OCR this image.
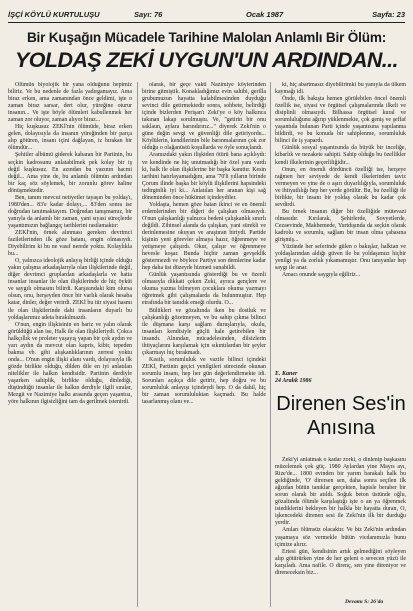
İŞÇİ KÖYLÜ KURTULUŞU	Sayı: 76	Ocak 1987	Sayfa: 23
Bir Kuşağın Mücadele Tarihine Malolan Anlamlı Bir Ölüm:
YOLDAŞ ZEKİ UYGUN'UN ARDINDAN...

Ölümün biyolojik bir yana olduğunu hepimiz biliriz. Ve bu nedenle de fazla yadırgamayız. Ama biraz erken, ama zamanından önce geldimi, işte o zaman biraz sarsar, dert olur, yüreğine oturur insanın... Ve işte böyle ölümleri kabullenmek her zaman zor oluyor, zaman alıyor biraz...

Hiç kuşkusuz ZEKİ'nin ölümüde, biraz erken gelen, dolayısıyla da insanın yüreğinden bir parça alıp götüren, insanı içini dağlayan, iz bırakan bir ölümdür...

Şehitler albümü giderek kabaran bir Partinin, bu seçkin kadrosunu anlatabilmek pek kolay bir iş değil kuşkusuz. En azından bu yazının hacmi değil... Ama yine de, bu anlamlı ölümün ardından bir kaç söz söylemek, bir zorunlu görev haline dönüşmektedir.

Ben, tanım mevcut netiyetler tayaşın bu yoldaş'ı, 1980'den... 83'e kadar dolayı,... 83'den sonra ise doğrudan tanıtmaktayım. Doğrudan tanışmamız, bir yanıyla da anlamlı bir zaman, yani sıyasi süreçlerde yaşantımızın bağlangıç tarihlerini rastlamaktır:

ZEKİ'nin, örnek alınması gereken devrimci faziletlerinden ilk göze batanı, engin olmasıydı. Diyebilirim ki bu ne vasıf nerede yoktu. Kolaylıkla bu...

O, yalnızca ideolojik anlayış birliği içinde olduğu yakın çalışma arkadaşlarıyla olan ilişkilerinde değil, diğer devrimci gruplardan arkadaşlarla ve hatta insanlar insanlar ile olan ilişkilerinde de hiç öyküt ve saygılı olmasını bilirdi. Karşısındaki kim olursa olsun, onu, herşeyden önce bir varlık olarak hesaba katar, dinler, değer verirdi. ZEKİ bu tür siyasi hasmı ile olan ilişkilerinde dahi insanların duyarlı bu yoldaşlarımız adeta bırakılmazdı.

O'nun, engin ilişkisinin en bariz ve yalın olarak görüldüğü alan ise, Halk ile olan ilişkileriydi. Çokca halkçıllık ve proleter yaşayış yapan bir çok aydın ve yarı aydın da mevcut olan kapris, kibir, tepeden bakma vb. gibi alışkanlıklarının zerresi yoktu onda... O'nun engin ilişki alanı vardı, dolayısıyla ilk gözde birlikte olduğu, dilden dile en iyi anlatılan nitelikler ile halkın kendisidir. Partinin derdiyle yaşarken sahiplik, birlikte olduğu, dinlediği, düşündüğü insanlar ile halkın derdiyle ilgili sıralar, Mezgit ve Nazimiye halkı arasında geçen yaşantısı, yöre halkının ilgisizliğini tam da gerilmek istenirdi.

olarak, bir geçe vakti Nazimiye köylerinden birine gitmiştik. Konakladığımız evin sahibi, gerilla grubumuzun hayatta kalabilmesinden duyduğu sevinci dile getirmektedir sonra, sohbete, belirdiği içinde bizlerden Perişan'ı Zeki'ye o köy halkınca takınan lakap sorulmuştu. Ve, "getirin bir onu saklaun, aylara barındırırız..." diyerek Zeki'nin o güne değin sevgi ve güvenliği dile getiriyordu... Köylülerin, kendilerinin bile barınmalarının çok zor olduğu o olağanüstü koşullarda ve öyle sonuçlandı.

Aramızdaki yakın ilişkiden ötürü bana açıklıydı: ve kendinde ne hiç unutmadığı bir özel yanı vardı ki, halk ile olan ilişkilerine bir başka kanıttır. Kesin tarihini hatırlayamadığım, ama '70'li yılların birinde Çorum ilinde başka bir köylü ilişkilerini hapsindeki tedirginlik iyi ki... Anlatılan her aranan kişi sağ döneminden önce hükümet içindeydiler.

Yoldaşta, hemen göze batan ikinci ve en önemli erdemlerinden bir diğeri de çalışkan olmasıydı. O'nun çalışkanlığı yalnızca bedeni çalışkanlık sınırlı değildi. Zihinsel alanda da çalışkan, yani sürekli ve derinlemesine okuyan ve araştıran biriydi. Partide kişinin yeni görevler almaya hazır, öğrenmeye ve yetişmeye çalışırdı. Okur, çalışır ve öğrenmeye hevesle koşar. Bunda hiçbir zaman gevşeklik göstermezdi ve böylece Partiye son demlerine kadar hep daha üst düzeyde hizmeti sunabildi.

Günlük yaşantısında gösterdiği bu ve özenli olmasıyla dikkati çeken Zeki, ayrıca gençlere ve okuma yazma bilmeyen çocuklara okuma yazmayı öğretmek gibi çalışmalarda da bulunmuştur. Hep etrafında bir tanıdık emeği olurdu. O...

Bülükleri ve gözaltında iken bu dostluk ve çalışkanlığı gözetmeyen, ve bu sahip çıkma bilinci ile düşmana karşı sağlam duruşlarıyla, okulu, insanları kendisiyle güçlü hale getirebilen bir insandı. Alnından, mücadelesinden, dilsizlerin ihtiyaçlarını karşılamak için sıkıntılardan bir şeyler çıkarmayı hiç bırakmadı.

Kısıtlı, sorumluluk ve vazife bilinci içindeki ZEKİ, Partinin geçici yenilgileri sürecinde okunan sorumlu insanı, hep her gün değerlendirmekte idi. Sorunları açıkça dile getirir, hep doğru ve bu sorumluluk anlayışı içindeydi hep. O da dahil, hiç bir zaman sorumluluktan kaçmadı. Bu halde tasarlanmış olanı ve...

ki, hiç abartmasız diyebilirimki bu yanıyla da ülkem kaymağı idi.

Önde, ilk bakışta hemen görülebilen öncel önemli özellik ise, siyasi ve örgütsel çalışmalarında ilkeli ve disiplinli olmasıydı. Bilhassa örgütsel kural ve sorumluluğunu ağırıp yüklenmekte, çok geniş ve şeffaf yaşantıda bulunan Parti içinde yaşantısına yapılanma bildirdi, ve bu konuda bir sahiplenme, sorumluluk bilinci ile iş yapardı.

Günlük sosyal yaşantısında da büyük bir inceliğe, kibarlık ve nezakete sahipti. Sahip olduğu bu özellikler kendi ilkelerinin geçerliliğidir...

Onun, en önemli dördüncü özelliği ise, herşeye rağmen her seviyede de kendi ilkelerinden taviz vermeyen ve yine de o aşırı duyarlılığıyla, sorumluluk ve ihtiyatlılığı hep her yerde görülür. Bu, bu özelliği ile birlikte, bir insanı bir yoldaş olarak bu kadar çok sevdirdi.

Bu örnek insanın diğer bir özelliğide mütevazi olmasıdır. Kırılarak, Şehirlerde, Sovyetlerde, Cezaevinde, Makhemede, Yurtdışında da seçkin olarak kadrolu ve sorumlu, sağlam bir insan olma çabasına girişmiş...

Yüzünde her seferinde gülen o bakışlar, halktan ve yoldaşlarından aldığı güven ile bu yoldaşımızı hiçbir yenilgi ya da zorluk yıkamamıştır. Onu tanıyanlar hep saygı ile anar.

Amacı onunde saygıyla eğiliriz...

E. Kaner
24 Aralık 1986
Direnen Ses'in
Anısına

Zeki'yi anlatmak o kadar zorki, o dinlenip başkasını müzelemek çok güç. 1980 Aylardan yine Mayıs ayı, Rize'de... 1800 evinden bir yarım barakalı halk bu geldiğinde, 'O' dirersen sen, daha sonra seçilen ilk ağızdan bütün tanıklar gerçekten, hapisle beraber bir sorun olarak bir atıldı. Soğuk beton üstünde oğlu, gözaltında ölümle karşılaştığı işte o an ya öğrenmek istediklerini bekleyen bir halkla bir hayatta duran, O, işkencedeki direnen sesi ile Zeki'nin ilk bir durduğu yerdir.

Anıları ölümsüz olacaktır. Ve biz Zeki'nin ardından yaşamaya söz vermekle bütün vicdanımızla bunu içimize alırız.

Ertesi gün, kendisinin artık gelmediğini söyleyen alıp götürürken yine de her geleni o sevecen yüzü ile karşıladı. Ama nafile. O direnç, sen yine direniyor ve direneceksin biz...

Devamı S: 26'da
